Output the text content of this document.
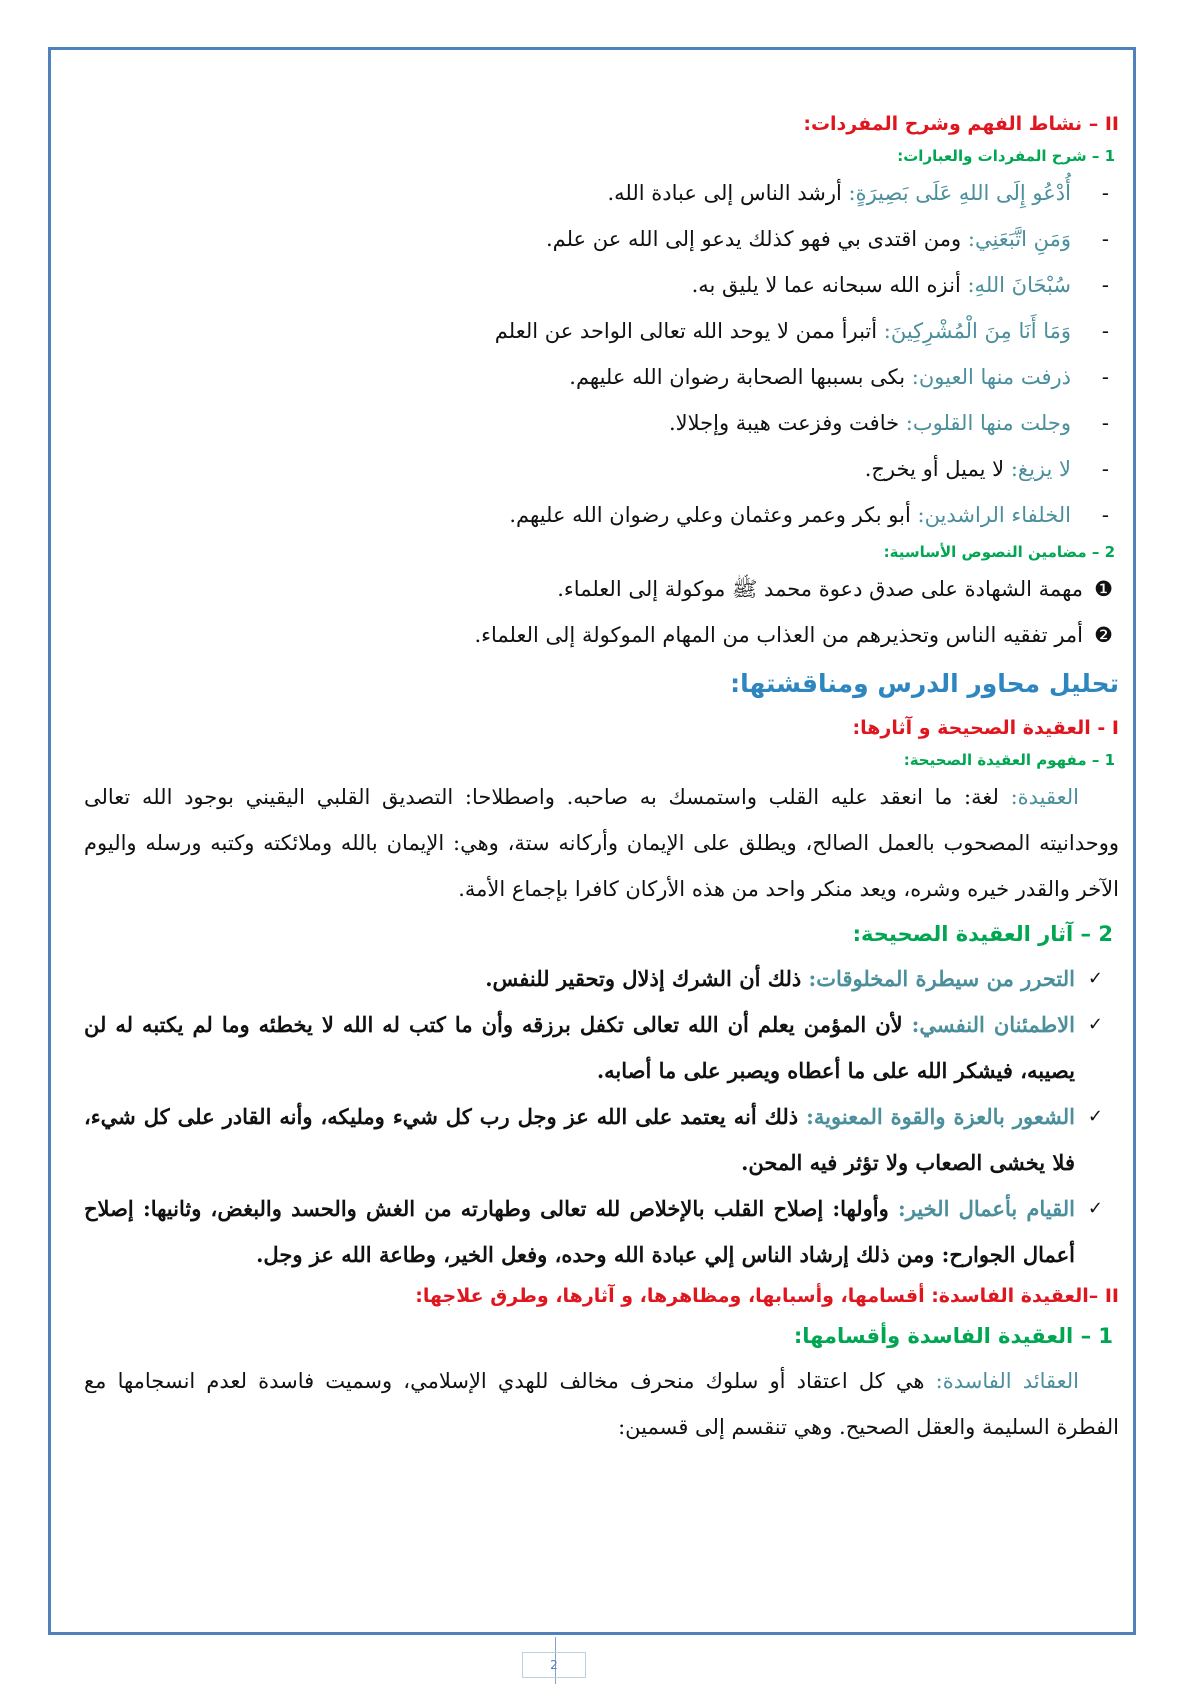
II – نشاط الفهم وشرح المفردات:
1 – شرح المفردات والعبارات:
-أُدْعُو إِلَى اللهِ عَلَى بَصِيرَةٍ: أرشد الناس إلى عبادة الله.
-وَمَنِ اتَّبَعَنِي: ومن اقتدى بي فهو كذلك يدعو إلى الله عن علم.
-سُبْحَانَ اللهِ: أنزه الله سبحانه عما لا يليق به.
-وَمَا أَنَا مِنَ الْمُشْرِكِينَ: أتبرأ ممن لا يوحد الله تعالى الواحد عن العلم
-ذرفت منها العيون: بكى بسببها الصحابة رضوان الله عليهم.
-وجلت منها القلوب: خافت وفزعت هيبة وإجلالا.
-لا يزيغ: لا يميل أو يخرج.
-الخلفاء الراشدين: أبو بكر وعمر وعثمان وعلي رضوان الله عليهم.
2 – مضامين النصوص الأساسية:
❶مهمة الشهادة على صدق دعوة محمد ﷺ موكولة إلى العلماء.
❷أمر تفقيه الناس وتحذيرهم من العذاب من المهام الموكولة إلى العلماء.
تحليل محاور الدرس ومناقشتها:
I - العقيدة الصحيحة و آثارها:
1 – مفهوم العقيدة الصحيحة:

العقيدة: لغة: ما انعقد عليه القلب واستمسك به صاحبه. واصطلاحا: التصديق القلبي اليقيني بوجود الله تعالى ووحدانيته المصحوب بالعمل الصالح، ويطلق على الإيمان وأركانه ستة، وهي: الإيمان بالله وملائكته وكتبه ورسله واليوم الآخر والقدر خيره وشره، ويعد منكر واحد من هذه الأركان كافرا بإجماع الأمة.

2 – آثار العقيدة الصحيحة:
✓
التحرر من سيطرة المخلوقات: ذلك أن الشرك إذلال وتحقير للنفس.
✓
الاطمئنان النفسي: لأن المؤمن يعلم أن الله تعالى تكفل برزقه وأن ما كتب له الله لا يخطئه وما لم يكتبه له لن يصيبه، فيشكر الله على ما أعطاه ويصبر على ما أصابه.
✓
الشعور بالعزة والقوة المعنوية: ذلك أنه يعتمد على الله عز وجل رب كل شيء ومليكه، وأنه القادر على كل شيء، فلا يخشى الصعاب ولا تؤثر فيه المحن.
✓
القيام بأعمال الخير: وأولها: إصلاح القلب بالإخلاص لله تعالى وطهارته من الغش والحسد والبغض، وثانيها: إصلاح أعمال الجوارح: ومن ذلك إرشاد الناس إلي عبادة الله وحده، وفعل الخير، وطاعة الله عز وجل.
II –العقيدة الفاسدة: أقسامها، وأسبابها، ومظاهرها، و آثارها، وطرق علاجها:
1 – العقيدة الفاسدة وأقسامها:

العقائد الفاسدة: هي كل اعتقاد أو سلوك منحرف مخالف للهدي الإسلامي، وسميت فاسدة لعدم انسجامها مع الفطرة السليمة والعقل الصحيح. وهي تنقسم إلى قسمين:

2
